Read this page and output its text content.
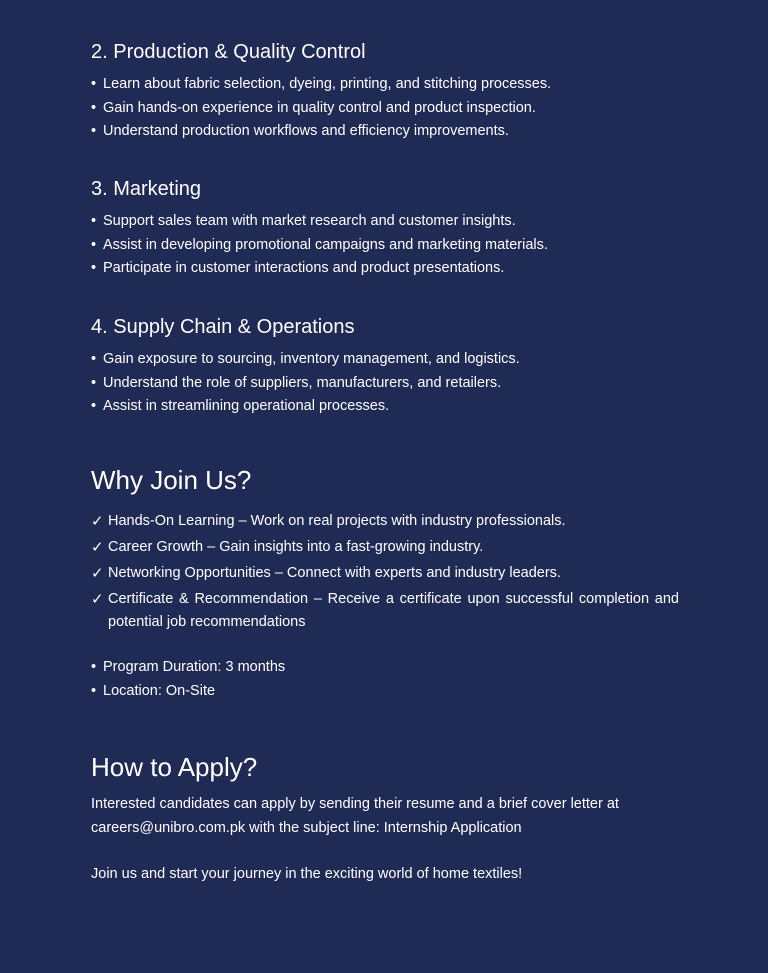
2. Production & Quality Control
• Learn about fabric selection, dyeing, printing, and stitching processes.
• Gain hands-on experience in quality control and product inspection.
• Understand production workflows and efficiency improvements.
3. Marketing
• Support sales team with market research and customer insights.
• Assist in developing promotional campaigns and marketing materials.
• Participate in customer interactions and product presentations.
4. Supply Chain & Operations
• Gain exposure to sourcing, inventory management, and logistics.
• Understand the role of suppliers, manufacturers, and retailers.
• Assist in streamlining operational processes.
Why Join Us?
✓ Hands-On Learning – Work on real projects with industry professionals.
✓ Career Growth – Gain insights into a fast-growing industry.
✓ Networking Opportunities – Connect with experts and industry leaders.
✓ Certificate & Recommendation – Receive a certificate upon successful completion and potential job recommendations
• Program Duration: 3 months
• Location: On-Site
How to Apply?

Interested candidates can apply by sending their resume and a brief cover letter at careers@unibro.com.pk with the subject line: Internship Application

Join us and start your journey in the exciting world of home textiles!
